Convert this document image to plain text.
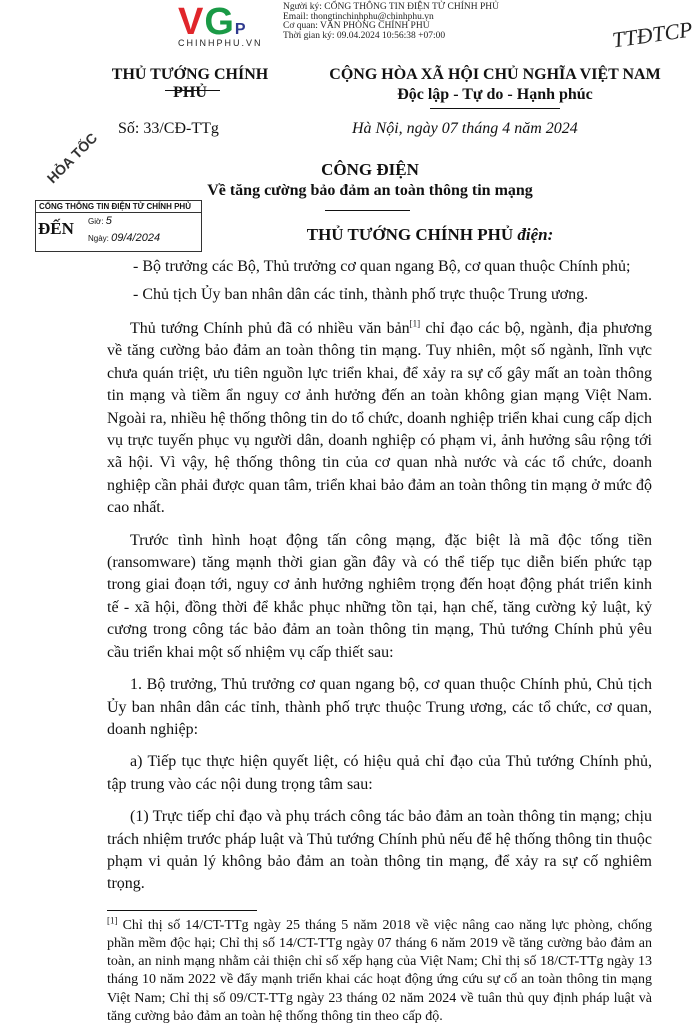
VGP
CHINHPHU.VN
Người ký: CỔNG THÔNG TIN ĐIỆN TỬ CHÍNH PHỦ
Email: thongtinchinhphu@chinhphu.vn
Cơ quan: VĂN PHÒNG CHÍNH PHỦ
Thời gian ký: 09.04.2024 10:56:38 +07:00	TTĐTCP
THỦ TƯỚNG CHÍNH PHỦ
CỘNG HÒA XÃ HỘI CHỦ NGHĨA VIỆT NAM
Độc lập - Tự do - Hạnh phúc
Số: 33/CĐ-TTg	Hà Nội, ngày 07 tháng 4 năm 2024
CÔNG ĐIỆN
Về tăng cường bảo đảm an toàn thông tin mạng
THỦ TƯỚNG CHÍNH PHỦ điện:
CỔNG THÔNG TIN ĐIỆN TỬ CHÍNH PHỦ
ĐẾN Giờ: 5
Ngày: 09/4/2024
HỎA TỐC
- Bộ trưởng các Bộ, Thủ trưởng cơ quan ngang Bộ, cơ quan thuộc Chính phủ;
- Chủ tịch Ủy ban nhân dân các tỉnh, thành phố trực thuộc Trung ương.

Thủ tướng Chính phủ đã có nhiều văn bản[1] chỉ đạo các bộ, ngành, địa phương về tăng cường bảo đảm an toàn thông tin mạng. Tuy nhiên, một số ngành, lĩnh vực chưa quán triệt, ưu tiên nguồn lực triển khai, để xảy ra sự cố gây mất an toàn thông tin mạng và tiềm ẩn nguy cơ ảnh hưởng đến an toàn không gian mạng Việt Nam. Ngoài ra, nhiều hệ thống thông tin do tổ chức, doanh nghiệp triển khai cung cấp dịch vụ trực tuyến phục vụ người dân, doanh nghiệp có phạm vi, ảnh hưởng sâu rộng tới xã hội. Vì vậy, hệ thống thông tin của cơ quan nhà nước và các tổ chức, doanh nghiệp cần phải được quan tâm, triển khai bảo đảm an toàn thông tin mạng ở mức độ cao nhất.

Trước tình hình hoạt động tấn công mạng, đặc biệt là mã độc tống tiền (ransomware) tăng mạnh thời gian gần đây và có thể tiếp tục diễn biến phức tạp trong giai đoạn tới, nguy cơ ảnh hưởng nghiêm trọng đến hoạt động phát triển kinh tế - xã hội, đồng thời để khắc phục những tồn tại, hạn chế, tăng cường kỷ luật, kỷ cương trong công tác bảo đảm an toàn thông tin mạng, Thủ tướng Chính phủ yêu cầu triển khai một số nhiệm vụ cấp thiết sau:

1. Bộ trưởng, Thủ trưởng cơ quan ngang bộ, cơ quan thuộc Chính phủ, Chủ tịch Ủy ban nhân dân các tỉnh, thành phố trực thuộc Trung ương, các tổ chức, cơ quan, doanh nghiệp:

a) Tiếp tục thực hiện quyết liệt, có hiệu quả chỉ đạo của Thủ tướng Chính phủ, tập trung vào các nội dung trọng tâm sau:

(1) Trực tiếp chỉ đạo và phụ trách công tác bảo đảm an toàn thông tin mạng; chịu trách nhiệm trước pháp luật và Thủ tướng Chính phủ nếu để hệ thống thông tin thuộc phạm vi quản lý không bảo đảm an toàn thông tin mạng, để xảy ra sự cố nghiêm trọng.

[1] Chỉ thị số 14/CT-TTg ngày 25 tháng 5 năm 2018 về việc nâng cao năng lực phòng, chống phần mềm độc hại; Chỉ thị số 14/CT-TTg ngày 07 tháng 6 năm 2019 về tăng cường bảo đảm an toàn, an ninh mạng nhằm cải thiện chỉ số xếp hạng của Việt Nam; Chỉ thị số 18/CT-TTg ngày 13 tháng 10 năm 2022 về đẩy mạnh triển khai các hoạt động ứng cứu sự cố an toàn thông tin mạng Việt Nam; Chỉ thị số 09/CT-TTg ngày 23 tháng 02 năm 2024 về tuân thủ quy định pháp luật và tăng cường bảo đảm an toàn hệ thống thông tin theo cấp độ.
